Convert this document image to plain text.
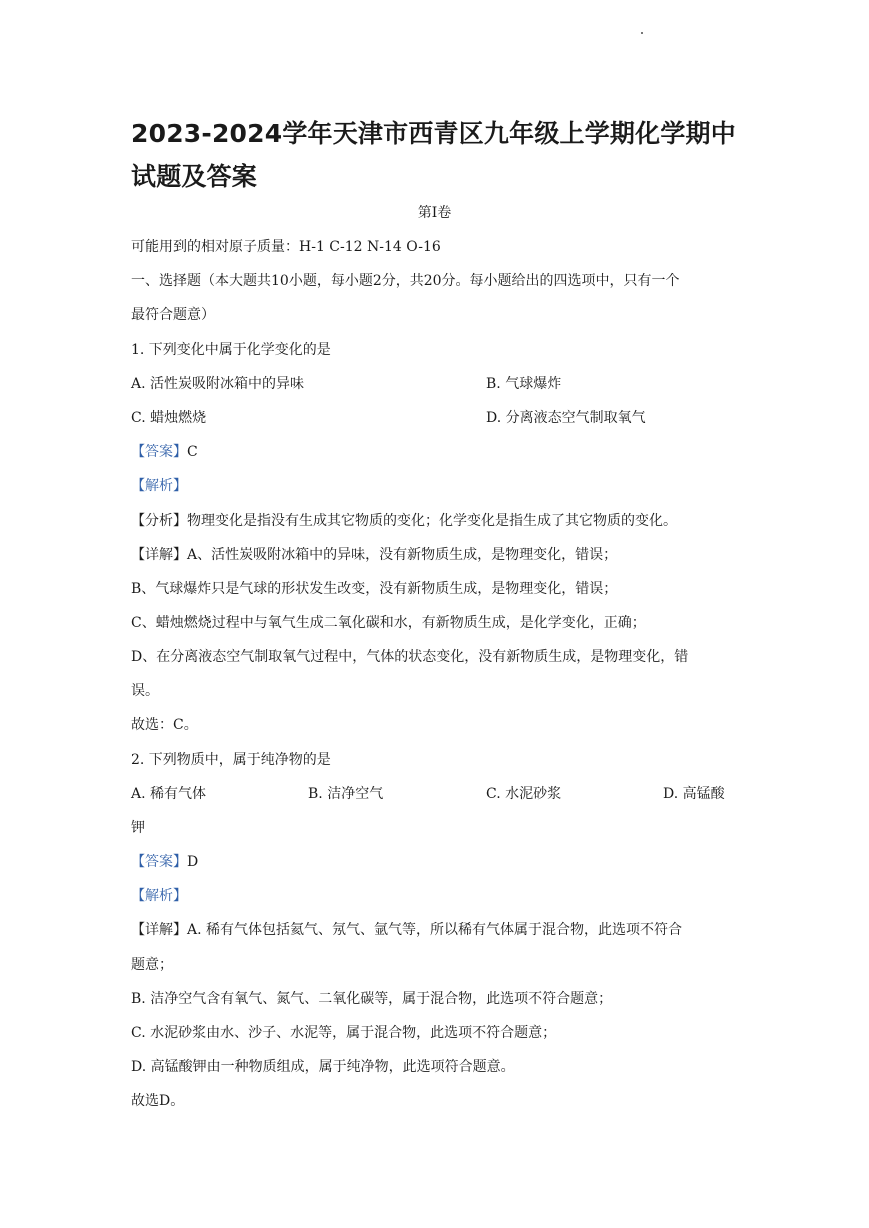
2023-2024学年天津市西青区九年级上学期化学期中试题及答案
第Ⅰ卷
可能用到的相对原子质量：H-1 C-12 N-14 O-16
一、选择题（本大题共10小题，每小题2分，共20分。每小题给出的四选项中，只有一个
最符合题意）
1. 下列变化中属于化学变化的是
A. 活性炭吸附冰箱中的异味	B. 气球爆炸
C. 蜡烛燃烧	D. 分离液态空气制取氧气
【答案】C
【解析】
【分析】物理变化是指没有生成其它物质的变化；化学变化是指生成了其它物质的变化。
【详解】A、活性炭吸附冰箱中的异味，没有新物质生成，是物理变化，错误；
B、气球爆炸只是气球的形状发生改变，没有新物质生成，是物理变化，错误；
C、蜡烛燃烧过程中与氧气生成二氧化碳和水，有新物质生成，是化学变化，正确；
D、在分离液态空气制取氧气过程中，气体的状态变化，没有新物质生成，是物理变化，错
误。
故选：C。
2. 下列物质中，属于纯净物的是
A. 稀有气体	B. 洁净空气	C. 水泥砂浆	D. 高锰酸
钾
【答案】D
【解析】
【详解】A. 稀有气体包括氦气、氖气、氩气等，所以稀有气体属于混合物，此选项不符合
题意；
B. 洁净空气含有氧气、氮气、二氧化碳等，属于混合物，此选项不符合题意；
C. 水泥砂浆由水、沙子、水泥等，属于混合物，此选项不符合题意；
D. 高锰酸钾由一种物质组成，属于纯净物，此选项符合题意。
故选D。
